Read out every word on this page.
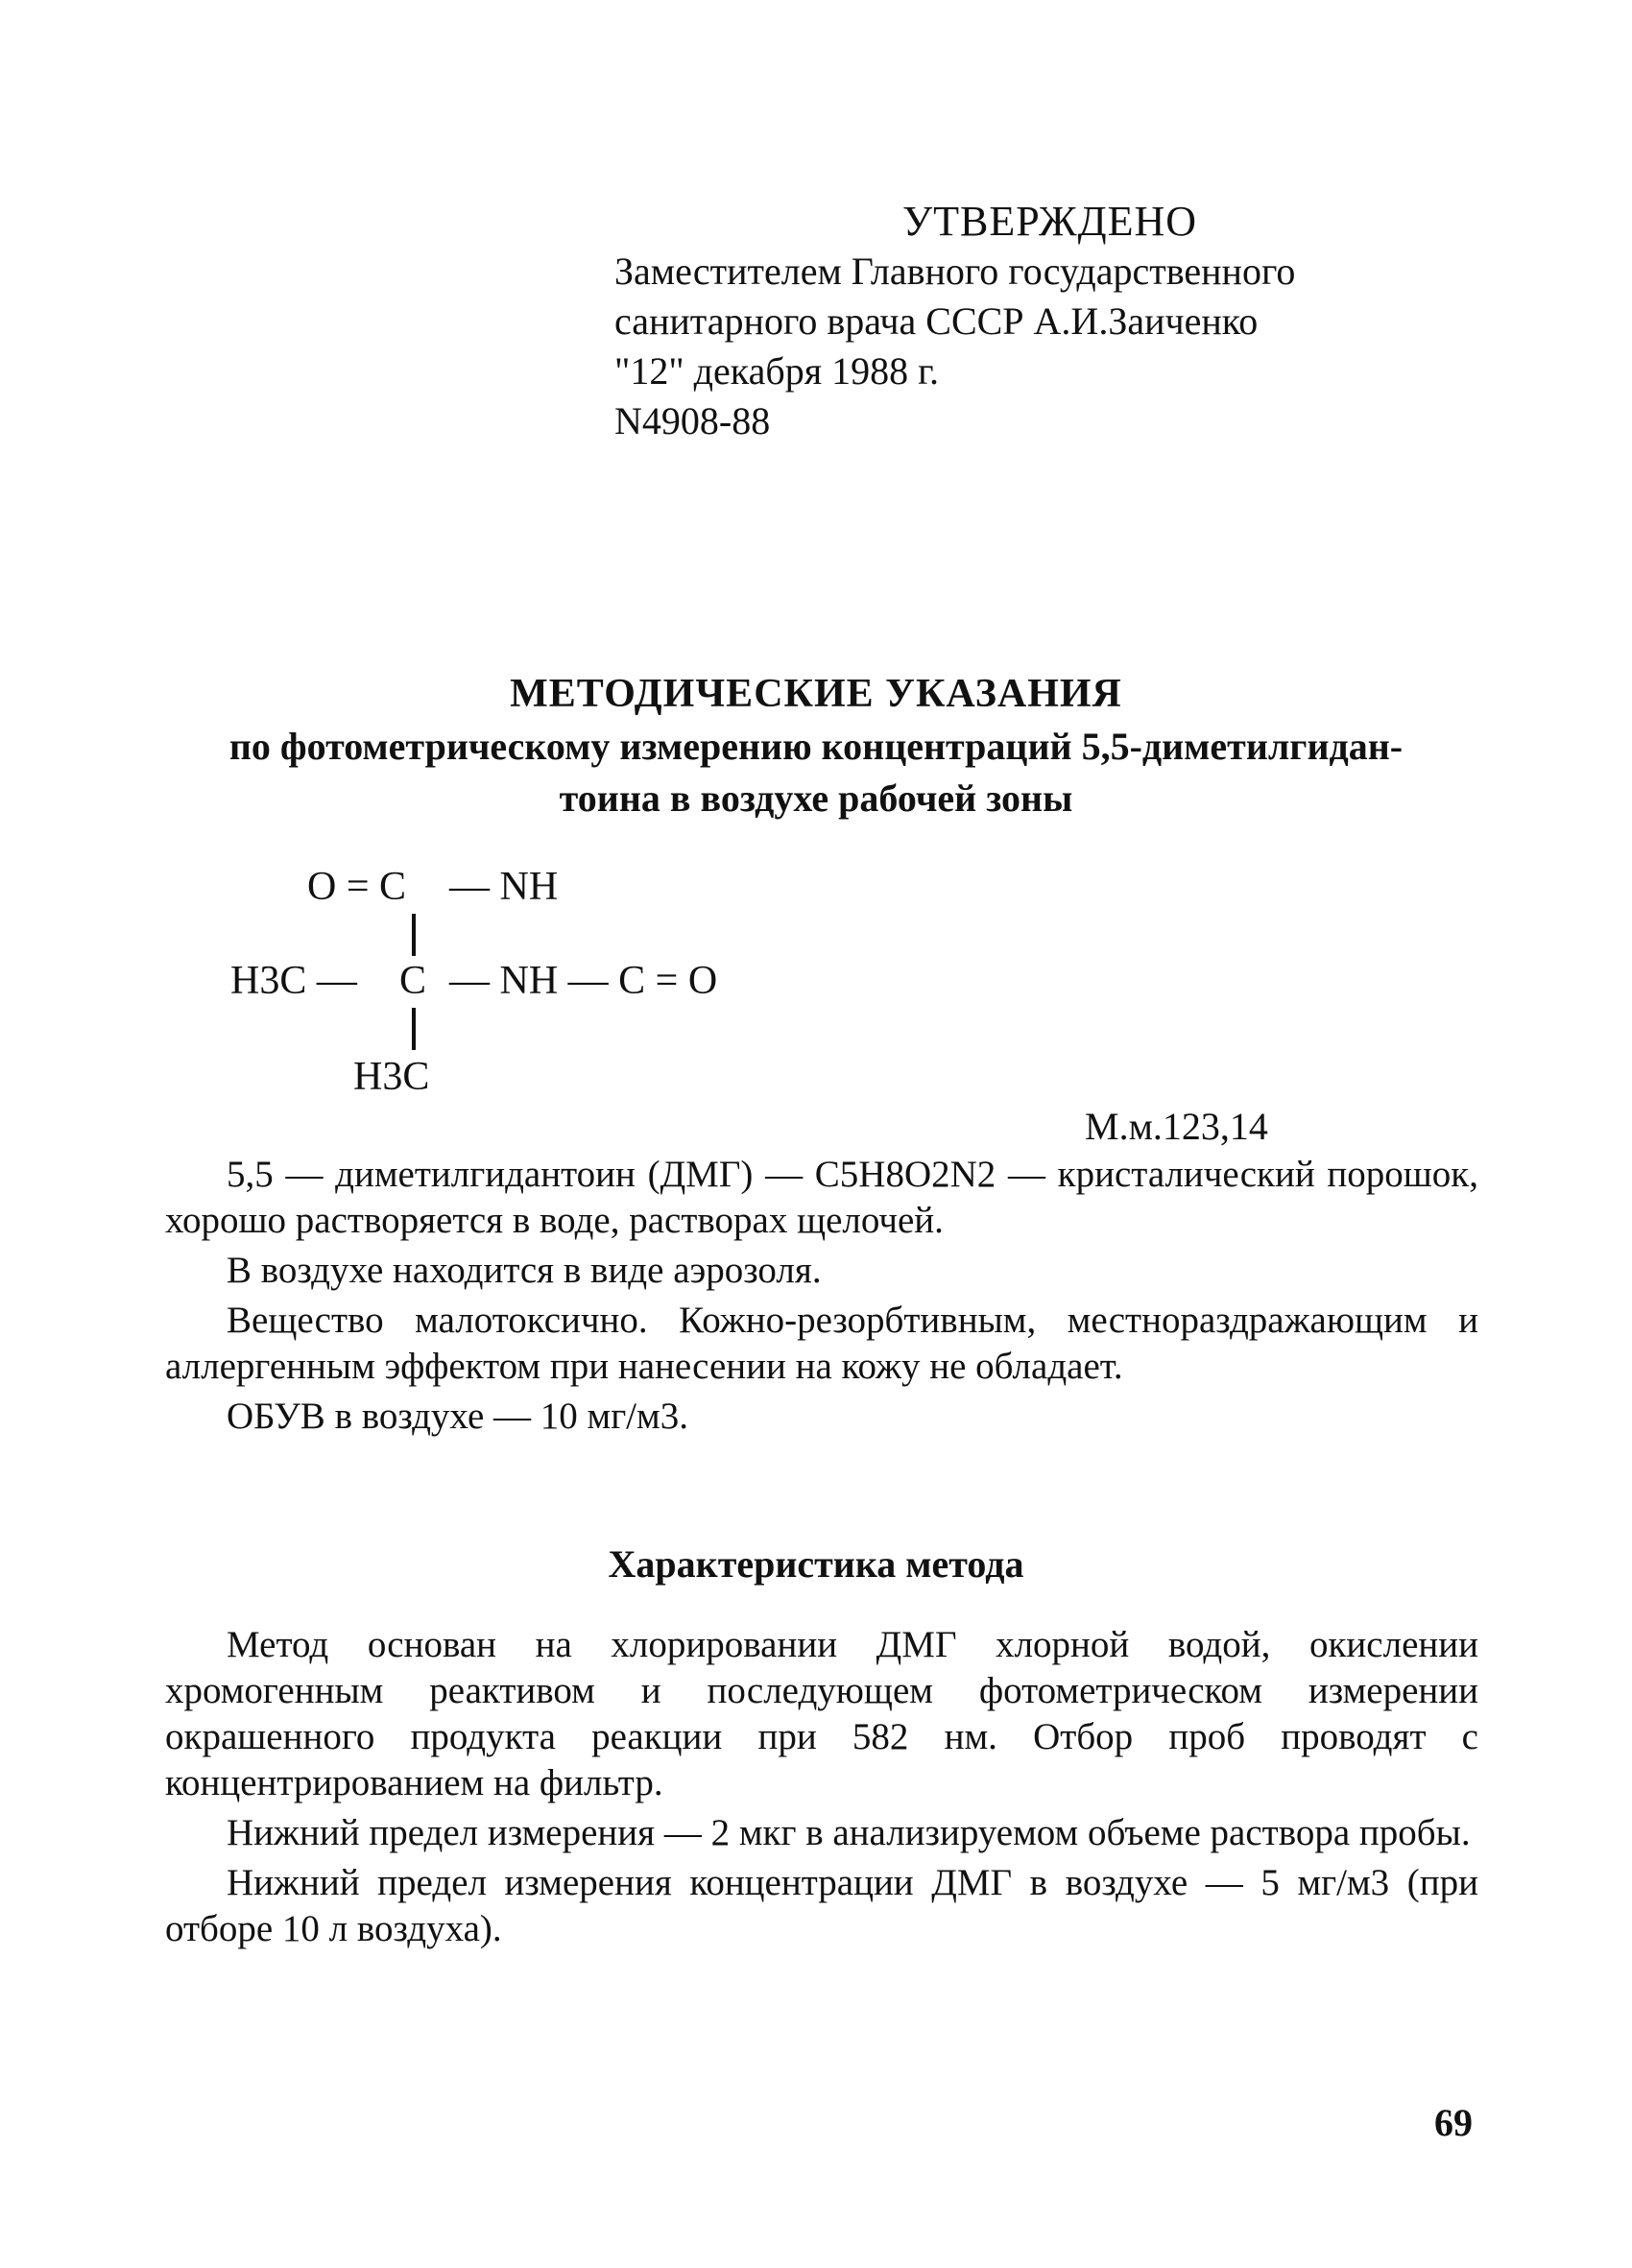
УТВЕРЖДЕНО
Заместителем Главного государственного
санитарного врача СССР А.И.Заиченко
"12" декабря 1988 г.
N4908-88
МЕТОДИЧЕСКИЕ УКАЗАНИЯ
по фотометрическому измерению концентраций 5,5-диметилгидан-
тоина в воздухе рабочей зоны
O = C — NH
H3C — C — NH — C = O
H3C
М.м.123,14

5,5 — диметилгидантоин (ДМГ) — C5H8O2N2 — кристалический порошок, хорошо растворяется в воде, растворах щелочей.

В воздухе находится в виде аэрозоля.

Вещество малотоксично. Кожно-резорбтивным, местнораздражающим и аллергенным эффектом при нанесении на кожу не обладает.

ОБУВ в воздухе — 10 мг/м3.

Характеристика метода

Метод основан на хлорировании ДМГ хлорной водой, окислении хромогенным реактивом и последующем фотометрическом измерении окрашенного продукта реакции при 582 нм. Отбор проб проводят с концентрированием на фильтр.

Нижний предел измерения — 2 мкг в анализируемом объеме раствора пробы.

Нижний предел измерения концентрации ДМГ в воздухе — 5 мг/м3 (при отборе 10 л воздуха).

69
